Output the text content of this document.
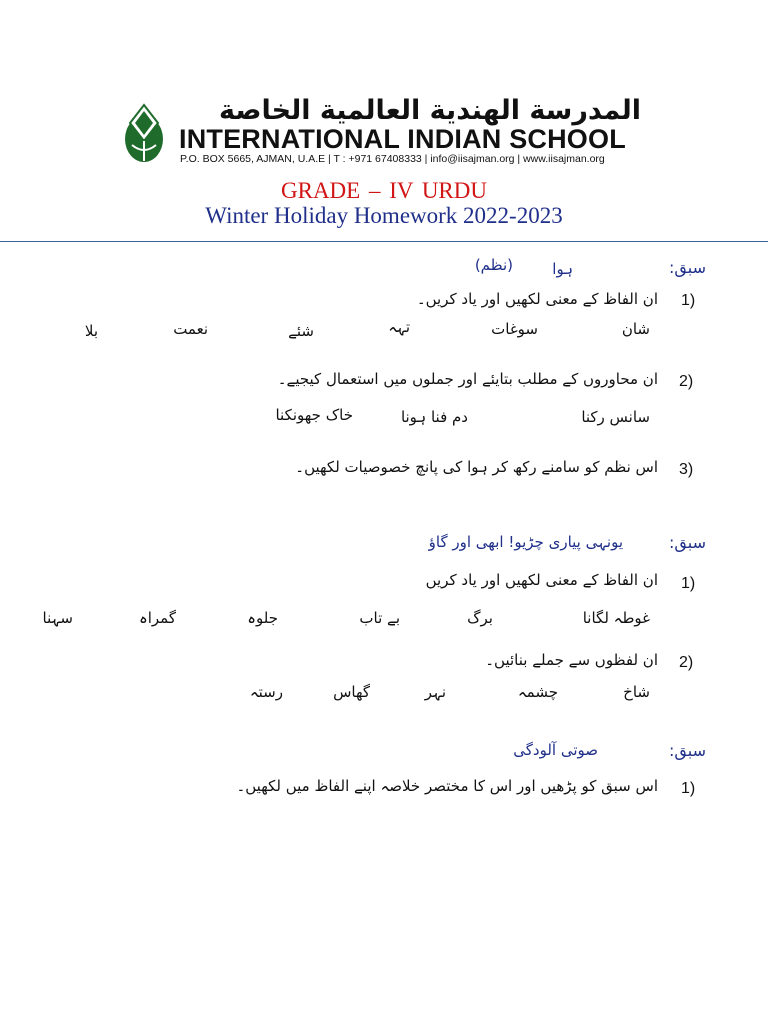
المدرسة الهندية العالمية الخاصة
INTERNATIONAL INDIAN SCHOOL
P.O. BOX 5665, AJMAN, U.A.E | T : +971 67408333 | info@iisajman.org | www.iisajman.org
GRADE – IV URDU
Winter Holiday Homework 2022-2023
سبق:
ہوا
(نظم)
1)
ان الفاظ کے معنی لکھیں اور یاد کریں۔
شان
سوغات
تہہ
شئے
نعمت
بلا
2)
ان محاوروں کے مطلب بتایئے اور جملوں میں استعمال کیجیے۔
سانس رکنا
دم فنا ہونا
خاک جھونکنا
3)
اس نظم کو سامنے رکھ کر ہوا کی پانچ خصوصیات لکھیں۔
سبق:
یونہی پیاری چڑیو! ابھی اور گاؤ
1)
ان الفاظ کے معنی لکھیں اور یاد کریں
غوطہ لگانا
برگ
بے تاب
جلوہ
گمراہ
سہنا
2)
ان لفظوں سے جملے بنائیں۔
شاخ
چشمہ
نہر
گھاس
رستہ
سبق:
صوتی آلودگی
1)
اس سبق کو پڑھیں اور اس کا مختصر خلاصہ اپنے الفاظ میں لکھیں۔
